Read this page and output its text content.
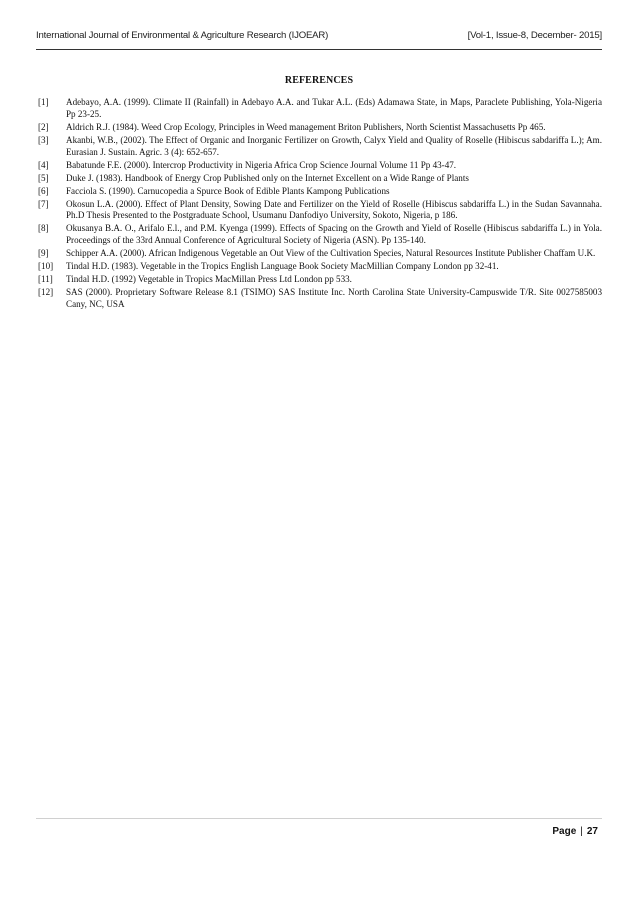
International Journal of Environmental & Agriculture Research (IJOEAR)	[Vol-1, Issue-8, December- 2015]
REFERENCES
[1]	Adebayo, A.A. (1999). Climate II (Rainfall) in Adebayo A.A. and Tukar A.L. (Eds) Adamawa State, in Maps, Paraclete Publishing, Yola-Nigeria Pp 23-25.
[2]	Aldrich R.J. (1984). Weed Crop Ecology, Principles in Weed management Briton Publishers, North Scientist Massachusetts Pp 465.
[3]	Akanbi, W.B., (2002). The Effect of Organic and Inorganic Fertilizer on Growth, Calyx Yield and Quality of Roselle (Hibiscus sabdariffa L.); Am. Eurasian J. Sustain. Agric. 3 (4): 652-657.
[4]	Babatunde F.E. (2000). Intercrop Productivity in Nigeria Africa Crop Science Journal Volume 11 Pp 43-47.
[5]	Duke J. (1983). Handbook of Energy Crop Published only on the Internet Excellent on a Wide Range of Plants
[6]	Facciola S. (1990). Carnucopedia a Spurce Book of Edible Plants Kampong Publications
[7]	Okosun L.A. (2000). Effect of Plant Density, Sowing Date and Fertilizer on the Yield of Roselle (Hibiscus sabdariffa L.) in the Sudan Savannaha. Ph.D Thesis Presented to the Postgraduate School, Usumanu Danfodiyo University, Sokoto, Nigeria, p 186.
[8]	Okusanya B.A. O., Arifalo E.l., and P.M. Kyenga (1999). Effects of Spacing on the Growth and Yield of Roselle (Hibiscus sabdariffa L.) in Yola. Proceedings of the 33rd Annual Conference of Agricultural Society of Nigeria (ASN). Pp 135-140.
[9]	Schipper A.A. (2000). African Indigenous Vegetable an Out View of the Cultivation Species, Natural Resources Institute Publisher Chaffam U.K.
[10]	Tindal H.D. (1983). Vegetable in the Tropics English Language Book Society MacMillian Company London pp 32-41.
[11]	Tindal H.D. (1992) Vegetable in Tropics MacMillan Press Ltd London pp 533.
[12]	SAS (2000). Proprietary Software Release 8.1 (TSIMO) SAS Institute Inc. North Carolina State University-Campuswide T/R. Site 0027585003 Cany, NC, USA
Page | 27
